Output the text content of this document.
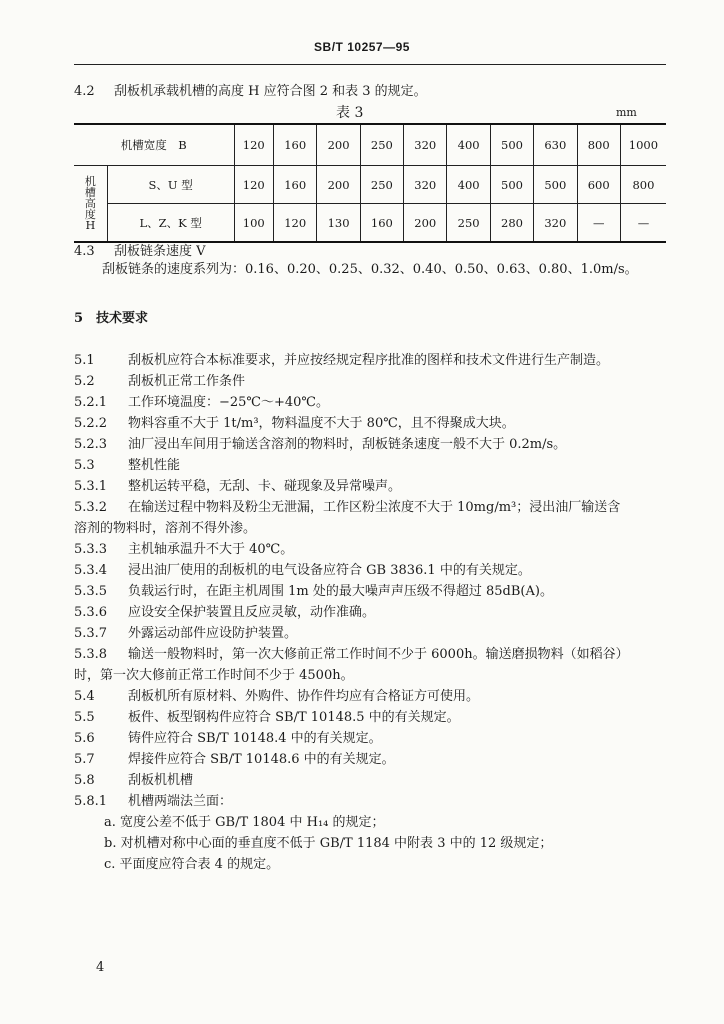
SB/T 10257—95
4.2 刮板机承载机槽的高度 H 应符合图 2 和表 3 的规定。
表 3	mm
机槽宽度　B		120	160	200	250	320	400	500	630	800	1000

机槽高度H	S、U 型	120	160	200	250	320	400	500	500	600	800
	L、Z、K 型	100	120	130	160	200	250	280	320	—	—
4.3 刮板链条速度 V
刮板链条的速度系列为：0.16、0.20、0.25、0.32、0.40、0.50、0.63、0.80、1.0m/s。
5 技术要求
5.1	刮板机应符合本标准要求，并应按经规定程序批准的图样和技术文件进行生产制造。
5.2	刮板机正常工作条件
5.2.1 工作环境温度：−25℃～+40℃。
5.2.2 物料容重不大于 1t/m³，物料温度不大于 80℃，且不得聚成大块。
5.2.3 油厂浸出车间用于输送含溶剂的物料时，刮板链条速度一般不大于 0.2m/s。
5.3	整机性能
5.3.1 整机运转平稳，无刮、卡、碰现象及异常噪声。
5.3.2 在输送过程中物料及粉尘无泄漏，工作区粉尘浓度不大于 10mg/m³；浸出油厂输送含
溶剂的物料时，溶剂不得外渗。
5.3.3 主机轴承温升不大于 40℃。
5.3.4 浸出油厂使用的刮板机的电气设备应符合 GB 3836.1 中的有关规定。
5.3.5 负载运行时，在距主机周围 1m 处的最大噪声声压级不得超过 85dB(A)。
5.3.6 应设安全保护装置且反应灵敏，动作准确。
5.3.7 外露运动部件应设防护装置。
5.3.8 输送一般物料时，第一次大修前正常工作时间不少于 6000h。输送磨损物料（如稻谷）
时，第一次大修前正常工作时间不少于 4500h。
5.4	刮板机所有原材料、外购件、协作件均应有合格证方可使用。
5.5	板件、板型钢构件应符合 SB/T 10148.5 中的有关规定。
5.6	铸件应符合 SB/T 10148.4 中的有关规定。
5.7	焊接件应符合 SB/T 10148.6 中的有关规定。
5.8	刮板机机槽
5.8.1 机槽两端法兰面：
a. 宽度公差不低于 GB/T 1804 中 H₁₄ 的规定；
b. 对机槽对称中心面的垂直度不低于 GB/T 1184 中附表 3 中的 12 级规定；
c. 平面度应符合表 4 的规定。
4
